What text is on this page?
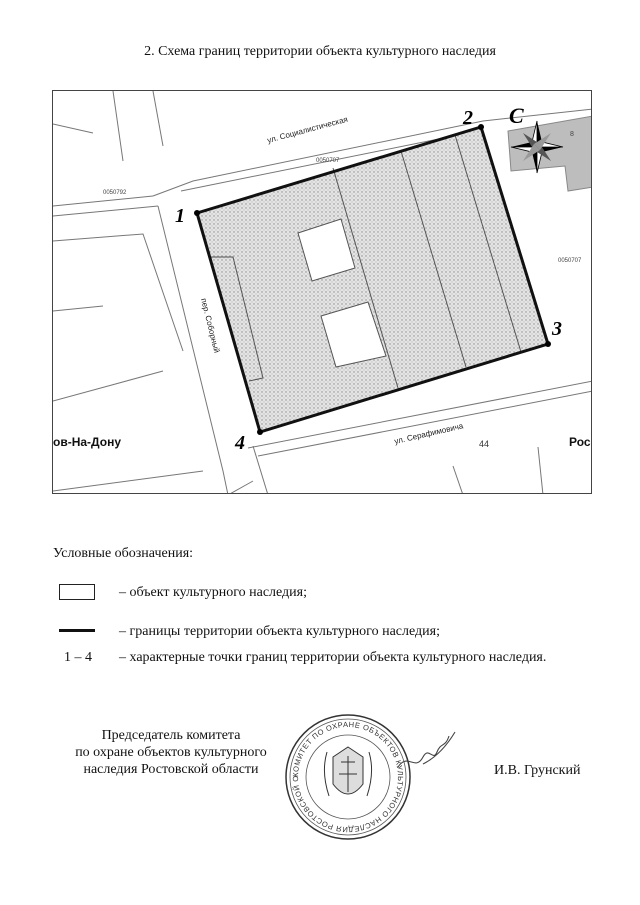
2. Схема границ территории объекта культурного наследия
8
1
2
3
4
ул. Социалистическая
ул. Серафимовича
пер. Соборный
0050707
0050792
0050707
44
ов-На-Дону	Рос
С
Условные обозначения:
– объект культурного наследия;
– границы территории объекта культурного наследия;
1 – 4 – характерные точки границ территории объекта культурного наследия.
Председатель комитета
по охране объектов культурного
наследия Ростовской области	КОМИТЕТ ПО ОХРАНЕ ОБЪЕКТОВ КУЛЬТУРНОГО НАСЛЕДИЯ РОСТОВСКОЙ О
И.В. Грунский
